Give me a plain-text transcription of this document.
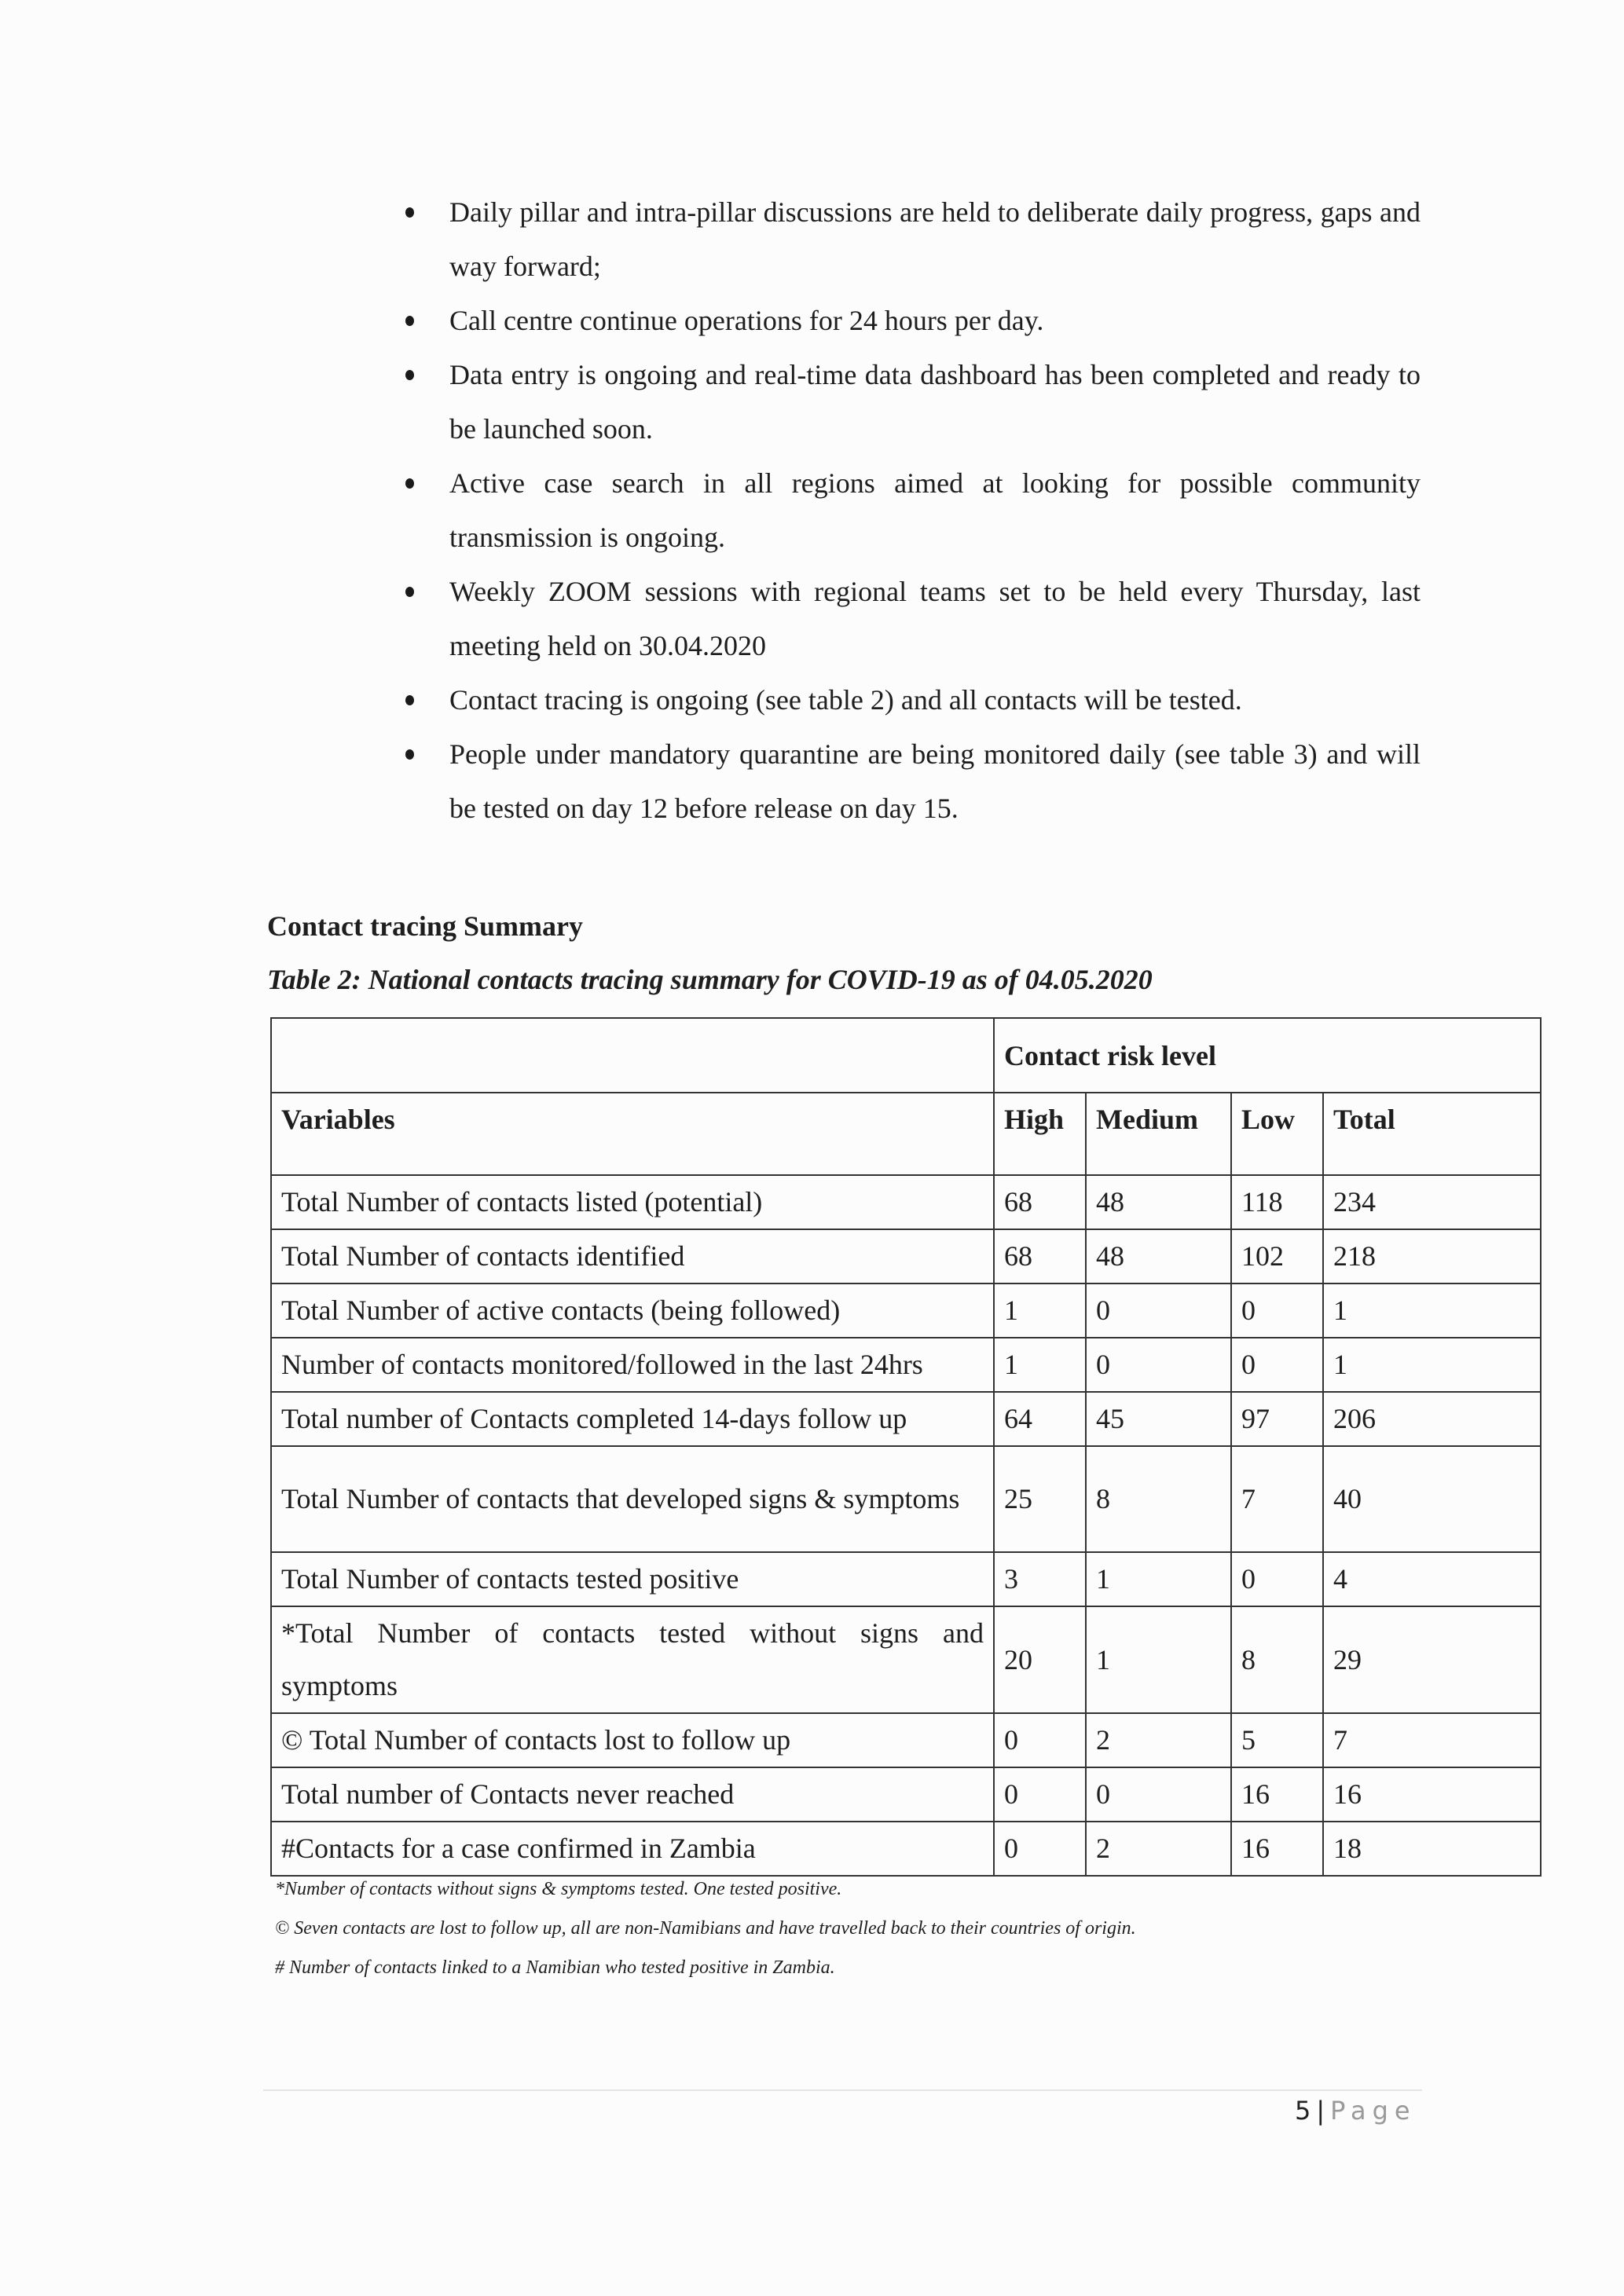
Daily pillar and intra-pillar discussions are held to deliberate daily progress, gaps and way forward;
Call centre continue operations for 24 hours per day.
Data entry is ongoing and real-time data dashboard has been completed and ready to be launched soon.
Active case search in all regions aimed at looking for possible community transmission is ongoing.
Weekly ZOOM sessions with regional teams set to be held every Thursday, last meeting held on 30.04.2020
Contact tracing is ongoing (see table 2) and all contacts will be tested.
People under mandatory quarantine are being monitored daily (see table 3) and will be tested on day 12 before release on day 15.
Contact tracing Summary

Table 2: National contacts tracing summary for COVID-19 as of 04.05.2020

	Contact risk level			
Variables	High	Medium	Low	Total
Total Number of contacts listed (potential)	68	48	118	234
Total Number of contacts identified	68	48	102	218
Total Number of active contacts (being followed)	1	0	0	1
Number of contacts monitored/followed in the last 24hrs	1	0	0	1
Total number of Contacts completed 14-days follow up	64	45	97	206
Total Number of contacts that developed signs & symptoms	25	8	7	40
Total Number of contacts tested positive	3	1	0	4
*Total Number of contacts tested without signs and symptoms	20	1	8	29
© Total Number of contacts lost to follow up	0	2	5	7
Total number of Contacts never reached	0	0	16	16
#Contacts for a case confirmed in Zambia	0	2	16	18
*Number of contacts without signs & symptoms tested. One tested positive.
© Seven contacts are lost to follow up, all are non-Namibians and have travelled back to their countries of origin.
# Number of contacts linked to a Namibian who tested positive in Zambia.
5 | Page
